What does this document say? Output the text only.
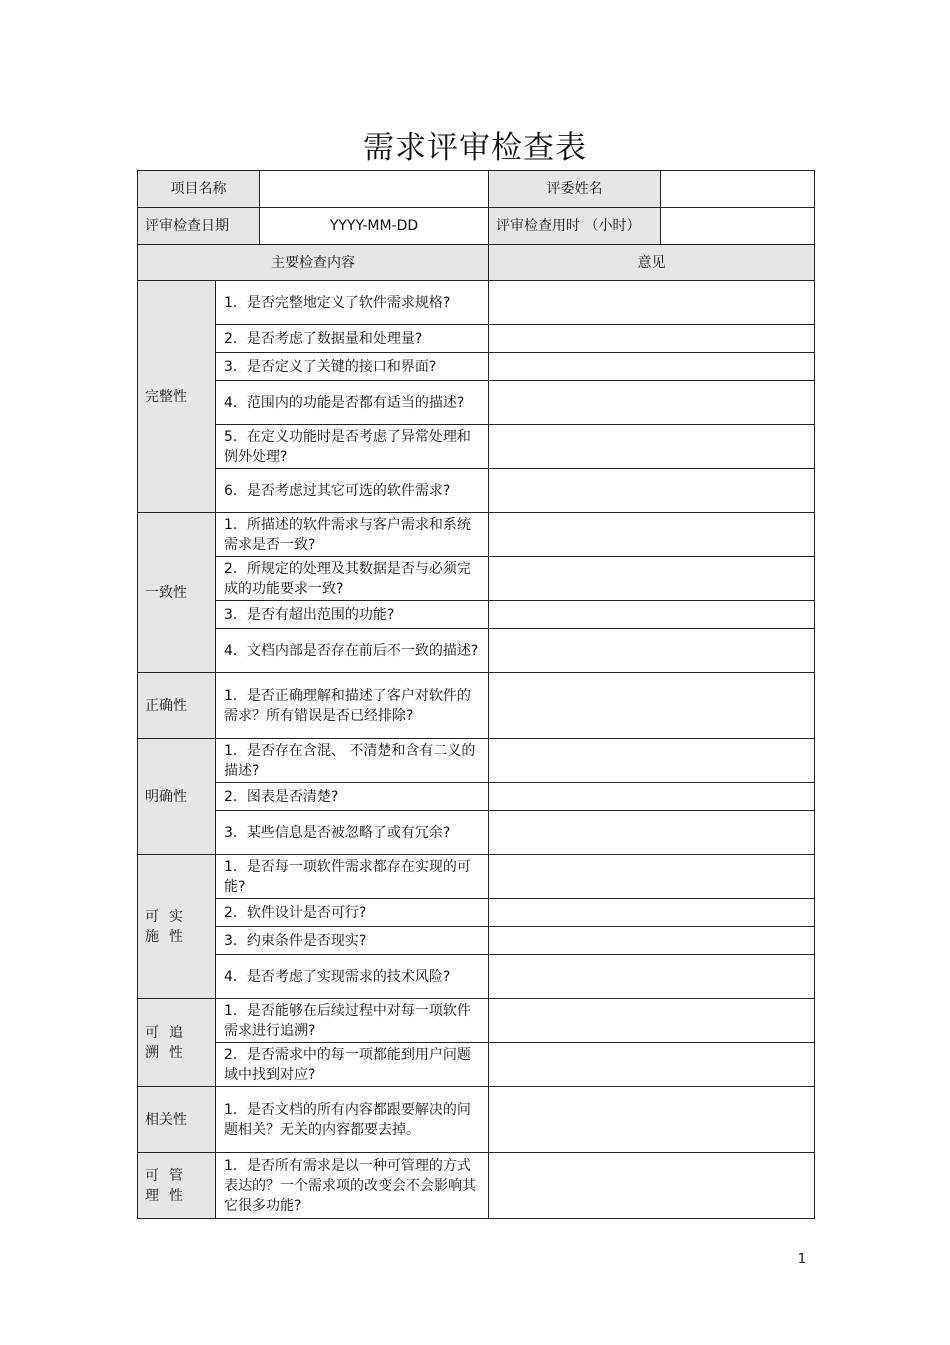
需求评审检查表
项目名称			评委姓名	
评审检查日期		YYYY-MM-DD	评审检查用时 （小时）	
主要检查内容			意见	
完整性	1．是否完整地定义了软件需求规格?			
	2．是否考虑了数据量和处理量?			
	3．是否定义了关键的接口和界面?			
	4．范围内的功能是否都有适当的描述?			
	5．在定义功能时是否考虑了异常处理和例外处理?			
	6．是否考虑过其它可选的软件需求?			
一致性	1．所描述的软件需求与客户需求和系统需求是否一致?			
	2．所规定的处理及其数据是否与必须完成的功能要求一致?			
	3．是否有超出范围的功能?			
	4．文档内部是否存在前后不一致的描述?			
正确性	1．是否正确理解和描述了客户对软件的需求？所有错误是否已经排除?			
明确性	1．是否存在含混、 不清楚和含有二义的描述?			
	2．图表是否清楚?			
	3．某些信息是否被忽略了或有冗余?			
可实施性	1．是否每一项软件需求都存在实现的可能?			
	2．软件设计是否可行?			
	3．约束条件是否现实?			
	4．是否考虑了实现需求的技术风险?			
可追溯性	1．是否能够在后续过程中对每一项软件需求进行追溯?			
	2．是否需求中的每一项都能到用户问题域中找到对应?			
相关性	1．是否文档的所有内容都跟要解决的问题相关？无关的内容都要去掉。			
可管理性	1．是否所有需求是以一种可管理的方式表达的？一个需求项的改变会不会影响其它很多功能?			
1
